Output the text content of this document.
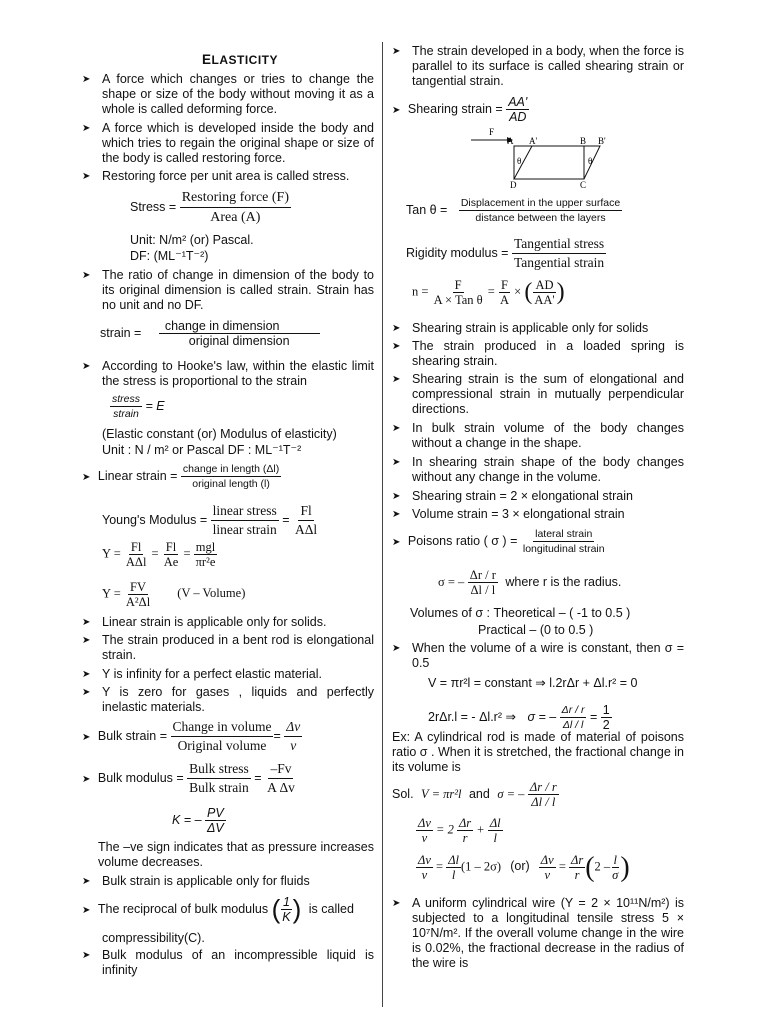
ELASTICITY
➤ A force which changes or tries to change the shape or size of the body without moving it as a whole is called deforming force.
➤ A force which is developed inside the body and which tries to regain the original shape or size of the body is called restoring force.
➤ Restoring force per unit area is called stress.
Stress = $\frac{\text{Restoring force (F)}}{\text{Area (A)}}$
Unit: N/m² (or) Pascal.
DF: (ML⁻¹T⁻²)
➤ The ratio of change in dimension of the body to its original dimension is called strain. Strain has no unit and no DF.
strain = $\frac{\text{change in dimension}}{\text{original dimension}}$
➤ According to Hooke's law, within the elastic limit the stress is proportional to the strain
$\frac{\text{stress}}{\text{strain}} = E$
(Elastic constant (or) Modulus of elasticity)
Unit : N / m² or Pascal DF : ML⁻¹T⁻²
➤ Linear strain = $\frac{\text{change in length (Δl)}}{\text{original length (l)}}$
Young's Modulus = $\frac{\text{linear stress}}{\text{linear strain}} = \frac{Fl}{\text{AΔl}}$
$Y = \frac{Fl}{\text{AΔl}} = \frac{Fl}{Ae} = \frac{\text{mgl}}{\text{πr²e}}$
$Y = \frac{FV}{\text{A²Δl}} (V$ – Volume)
➤ Linear strain is applicable only for solids.
➤ The strain produced in a bent rod is elongational strain.
➤ Y is infinity for a perfect elastic material.
➤ Y is zero for gases , liquids and perfectly inelastic materials.
➤ Bulk strain = $\frac{\text{Change in volume}}{\text{Original volume}} = \frac{\Delta v}{v}$
➤ Bulk modulus = $\frac{\text{Bulk stress}}{\text{Bulk strain}} = \frac{-Fv}{\text{A Δv}}$
K = – $\frac{PV}{\Delta V}$
The –ve sign indicates that as pressure increases volume decreases.
➤ Bulk strain is applicable only for fluids
➤ The reciprocal of bulk modulus ( $\frac{1}{K}$ ) is called
compressibility(C).
➤ Bulk modulus of an incompressible liquid is infinity
➤ The strain developed in a body, when the force is parallel to its surface is called shearing strain or tangential strain.
➤ Shearing strain = $\frac{AA'}{AD}$
F
A A'	B B'
θ	θ
D	C
Tan $\theta = \frac{\text{Displacement in the upper surface}}{\text{distance between the layers}}$
Rigidity modulus = $\frac{\text{Tangential stress}}{\text{Tangential strain}}$
$n = \frac{F}{\text{A × Tan θ}} = \frac{F}{A}$ × ( $\frac{AD}{AA'}$ )
➤ Shearing strain is applicable only for solids
➤ The strain produced in a loaded spring is shearing strain.
➤ Shearing strain is the sum of elongational and compressional strain in mutually perpendicular directions.
➤ In bulk strain volume of the body changes without a change in the shape.
➤ In shearing strain shape of the body changes without any change in the volume.
➤ Shearing strain = 2 × elongational strain
➤ Volume strain = 3 × elongational strain
➤ Poisons ratio ( σ ) = $\frac{\text{lateral strain}}{\text{longitudinal strain}}$
σ = – $\frac{\Delta r / r}{\Delta l / l}$ where r is the radius.
Volumes of σ : Theoretical – ( -1 to 0.5 )
Practical – (0 to 0.5 )
➤ When the volume of a wire is constant, then σ = 0.5
V = πr²l = constant ⇒ l.2rΔr + Δl.r² = 0
2rΔr.l = - Δl.r² ⇒ σ = – $\frac{\Delta r / r}{\Delta l / l} = \frac{1}{2}$
Ex: A cylindrical rod is made of material of poisons ratio σ . When it is stretched, the fractional change in its volume is
Sol. V = πr²l and σ = – $\frac{\Delta r / r}{\Delta l / l}$
$\frac{\Delta v}{v} = 2 \frac{\Delta r}{r} + \frac{\Delta l}{l}$
$\frac{\Delta v}{v} = \frac{\Delta l}{l} (1 - 2\sigma)$ $(or) \frac{\Delta v}{v} = \frac{\Delta r}{r} (2 - \frac{l}{\sigma}$ )
➤ A uniform cylindrical wire (Y = 2 × 10¹¹N/m²) is subjected to a longitudinal tensile stress 5 × 10⁷N/m². If the overall volume change in the wire is 0.02%, the fractional decrease in the radius of the wire is
